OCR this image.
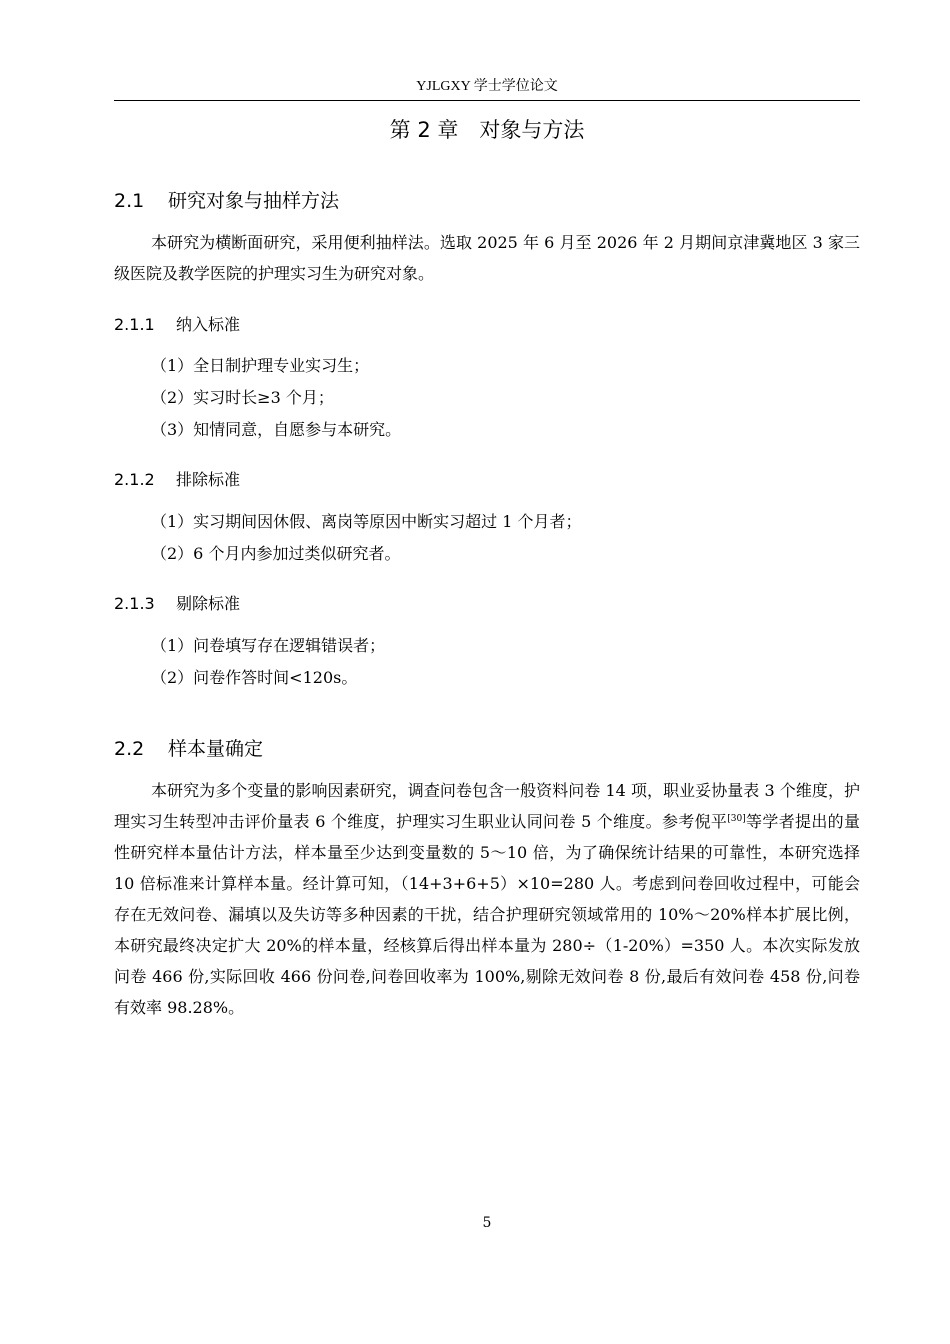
YJLGXY 学士学位论文
第 2 章　对象与方法
2.1 研究对象与抽样方法

本研究为横断面研究，采用便利抽样法。选取 2025 年 6 月至 2026 年 2 月期间京津冀地区 3 家三级医院及教学医院的护理实习生为研究对象。

2.1.1 纳入标准
（1）全日制护理专业实习生；
（2）实习时长≥3 个月；
（3）知情同意，自愿参与本研究。
2.1.2 排除标准
（1）实习期间因休假、离岗等原因中断实习超过 1 个月者；
（2）6 个月内参加过类似研究者。
2.1.3 剔除标准
（1）问卷填写存在逻辑错误者；
（2）问卷作答时间<120s。
2.2 样本量确定

本研究为多个变量的影响因素研究，调查问卷包含一般资料问卷 14 项，职业妥协量表 3 个维度，护理实习生转型冲击评价量表 6 个维度，护理实习生职业认同问卷 5 个维度。参考倪平[30]等学者提出的量性研究样本量估计方法，样本量至少达到变量数的 5～10 倍，为了确保统计结果的可靠性，本研究选择 10 倍标准来计算样本量。经计算可知，（14+3+6+5）×10=280 人。考虑到问卷回收过程中，可能会存在无效问卷、漏填以及失访等多种因素的干扰，结合护理研究领域常用的 10%～20%样本扩展比例，本研究最终决定扩大 20%的样本量，经核算后得出样本量为 280÷（1-20%）=350 人。本次实际发放问卷 466 份,实际回收 466 份问卷,问卷回收率为 100%,剔除无效问卷 8 份,最后有效问卷 458 份,问卷有效率 98.28%。

5
